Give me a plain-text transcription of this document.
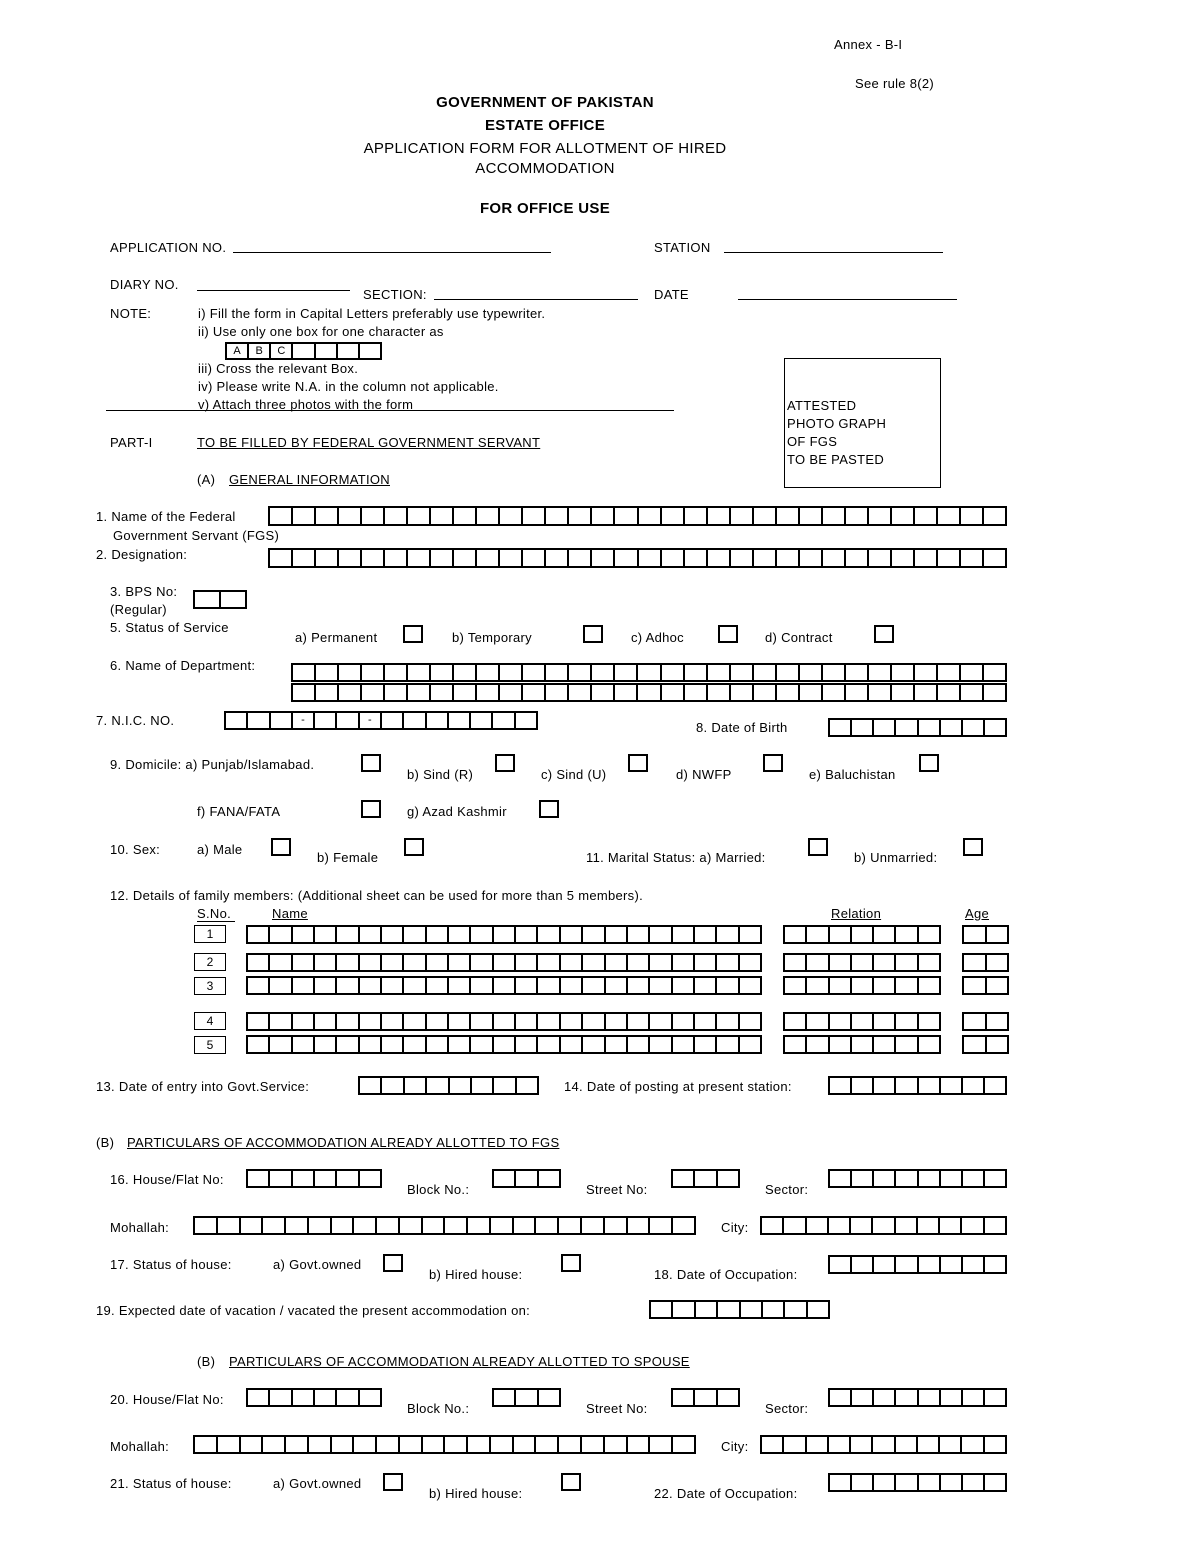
Annex - B-I
See rule 8(2)
GOVERNMENT OF PAKISTAN
ESTATE OFFICE
APPLICATION FORM FOR ALLOTMENT OF HIRED
ACCOMMODATION
FOR OFFICE USE
APPLICATION NO.	STATION
DIARY NO.
SECTION:	DATE
NOTE:	i) Fill the form in Capital Letters preferably use typewriter.
ii) Use only one box for one character as
A	B	C
iii) Cross the relevant Box.
iv) Please write N.A. in the column not applicable.
v) Attach three photos with the form	ATTESTED
PHOTO GRAPH
OF FGS
TO BE PASTED
PART-I	TO BE FILLED BY FEDERAL GOVERNMENT SERVANT
(A) GENERAL INFORMATION
1. Name of the Federal
Government Servant (FGS)
2. Designation:
3. BPS No:
(Regular)
5. Status of Service
a) Permanent	b) Temporary	c) Adhoc	d) Contract
6. Name of Department:
7. N.I.C. NO.	-	-	8. Date of Birth
9. Domicile: a) Punjab/Islamabad.
b) Sind (R)	c) Sind (U)	d) NWFP	e) Baluchistan
f) FANA/FATA	g) Azad Kashmir
10. Sex:	a) Male
b) Female	11. Marital Status: a) Married:	b) Unmarried:
12. Details of family members: (Additional sheet can be used for more than 5 members).
S.No.	Name	Relation	Age
1
2
3
4
5
13. Date of entry into Govt.Service:	14. Date of posting at present station:
(B) PARTICULARS OF ACCOMMODATION ALREADY ALLOTTED TO FGS
16. House/Flat No:
Block No.:	Street No:	Sector:
Mohallah:	City:
17. Status of house:	a) Govt.owned
b) Hired house:	18. Date of Occupation:
19. Expected date of vacation / vacated the present accommodation on:
(B) PARTICULARS OF ACCOMMODATION ALREADY ALLOTTED TO SPOUSE
20. House/Flat No:
Block No.:	Street No:	Sector:
Mohallah:	City:
21. Status of house:	a) Govt.owned
b) Hired house:	22. Date of Occupation:
